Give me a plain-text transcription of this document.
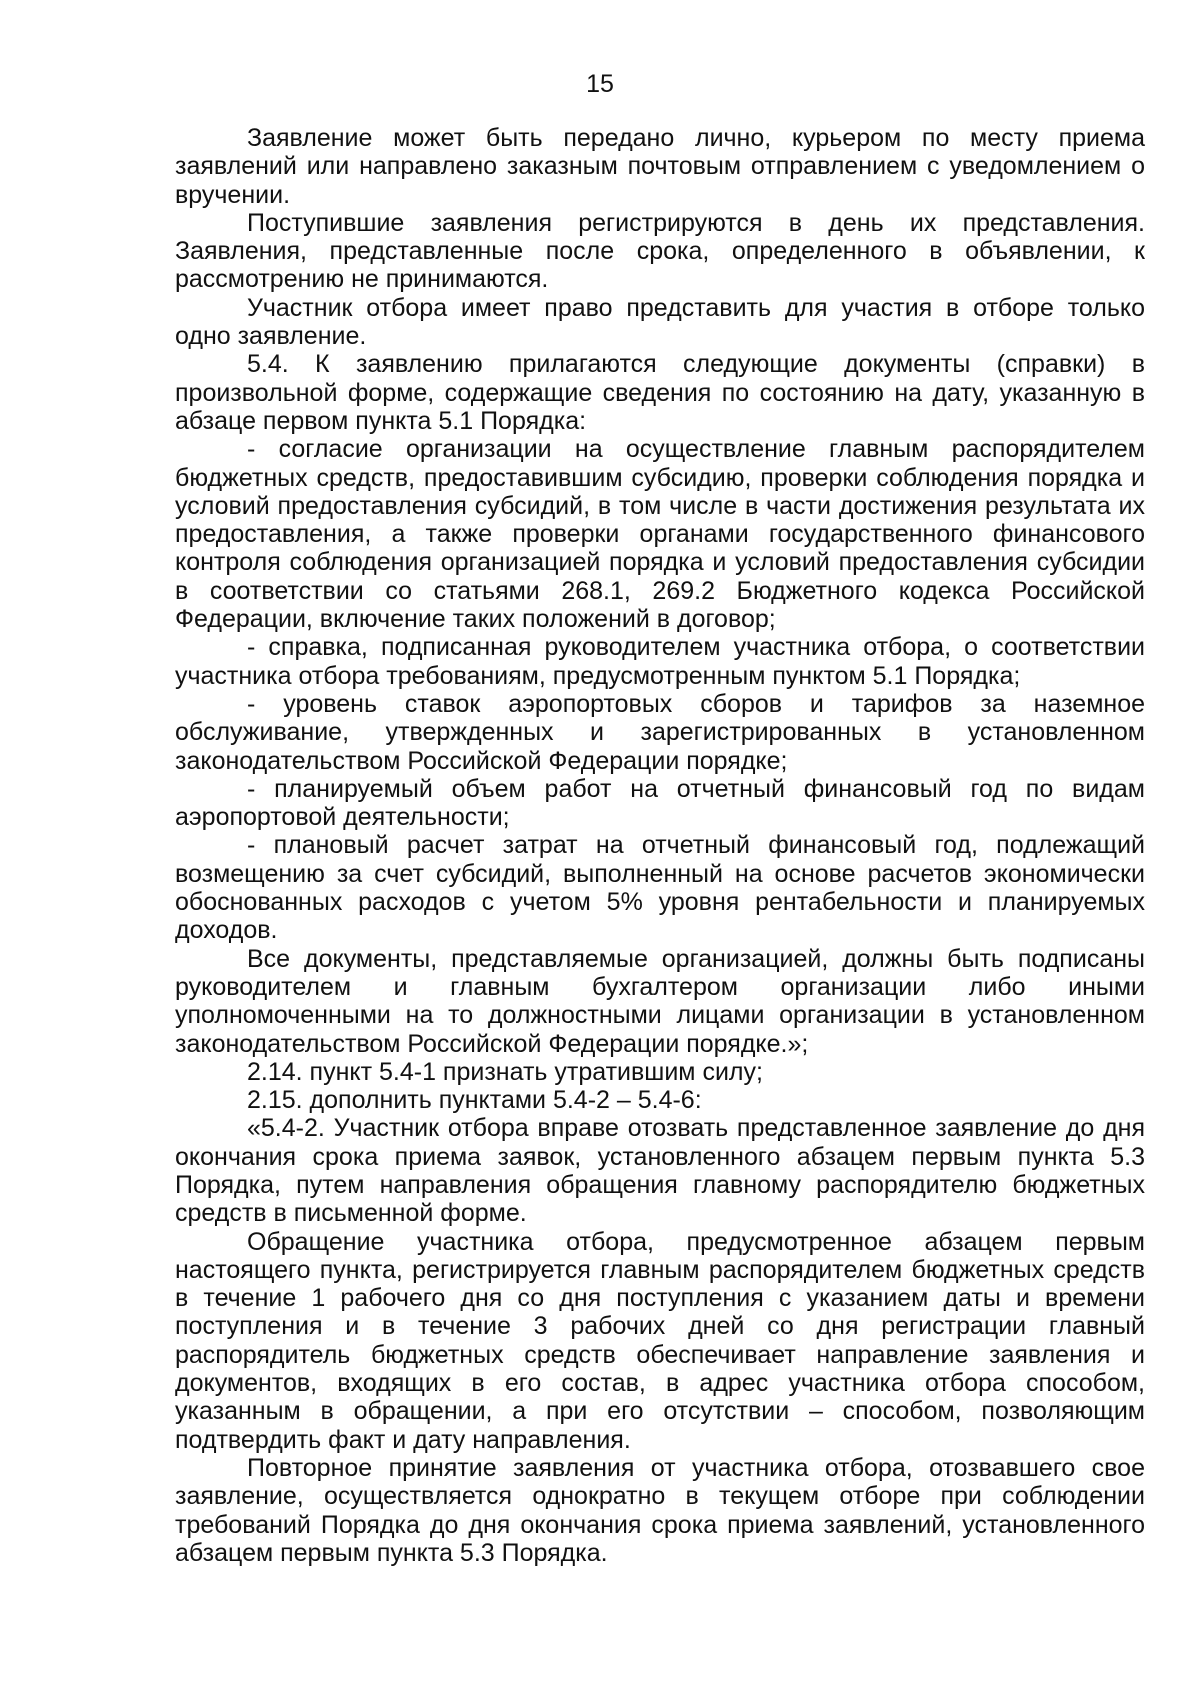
15

Заявление может быть передано лично, курьером по месту приема заявлений или направлено заказным почтовым отправлением с уведомлением о вручении.

Поступившие заявления регистрируются в день их представления. Заявления, представленные после срока, определенного в объявлении, к рассмотрению не принимаются.

Участник отбора имеет право представить для участия в отборе только одно заявление.

5.4. К заявлению прилагаются следующие документы (справки) в произвольной форме, содержащие сведения по состоянию на дату, указанную в абзаце первом пункта 5.1 Порядка:

- согласие организации на осуществление главным распорядителем бюджетных средств, предоставившим субсидию, проверки соблюдения порядка и условий предоставления субсидий, в том числе в части достижения результата их предоставления, а также проверки органами государственного финансового контроля соблюдения организацией порядка и условий предоставления субсидии в соответствии со статьями 268.1, 269.2 Бюджетного кодекса Российской Федерации, включение таких положений в договор;

- справка, подписанная руководителем участника отбора, о соответствии участника отбора требованиям, предусмотренным пунктом 5.1 Порядка;

- уровень ставок аэропортовых сборов и тарифов за наземное обслуживание, утвержденных и зарегистрированных в установленном законодательством Российской Федерации порядке;

- планируемый объем работ на отчетный финансовый год по видам аэропортовой деятельности;

- плановый расчет затрат на отчетный финансовый год, подлежащий возмещению за счет субсидий, выполненный на основе расчетов экономически обоснованных расходов с учетом 5% уровня рентабельности и планируемых доходов.

Все документы, представляемые организацией, должны быть подписаны руководителем и главным бухгалтером организации либо иными уполномоченными на то должностными лицами организации в установленном законодательством Российской Федерации порядке.»;

2.14. пункт 5.4-1 признать утратившим силу;

2.15. дополнить пунктами 5.4-2 – 5.4-6:

«5.4-2. Участник отбора вправе отозвать представленное заявление до дня окончания срока приема заявок, установленного абзацем первым пункта 5.3 Порядка, путем направления обращения главному распорядителю бюджетных средств в письменной форме.

Обращение участника отбора, предусмотренное абзацем первым настоящего пункта, регистрируется главным распорядителем бюджетных средств в течение 1 рабочего дня со дня поступления с указанием даты и времени поступления и в течение 3 рабочих дней со дня регистрации главный распорядитель бюджетных средств обеспечивает направление заявления и документов, входящих в его состав, в адрес участника отбора способом, указанным в обращении, а при его отсутствии – способом, позволяющим подтвердить факт и дату направления.

Повторное принятие заявления от участника отбора, отозвавшего свое заявление, осуществляется однократно в текущем отборе при соблюдении требований Порядка до дня окончания срока приема заявлений, установленного абзацем первым пункта 5.3 Порядка.
